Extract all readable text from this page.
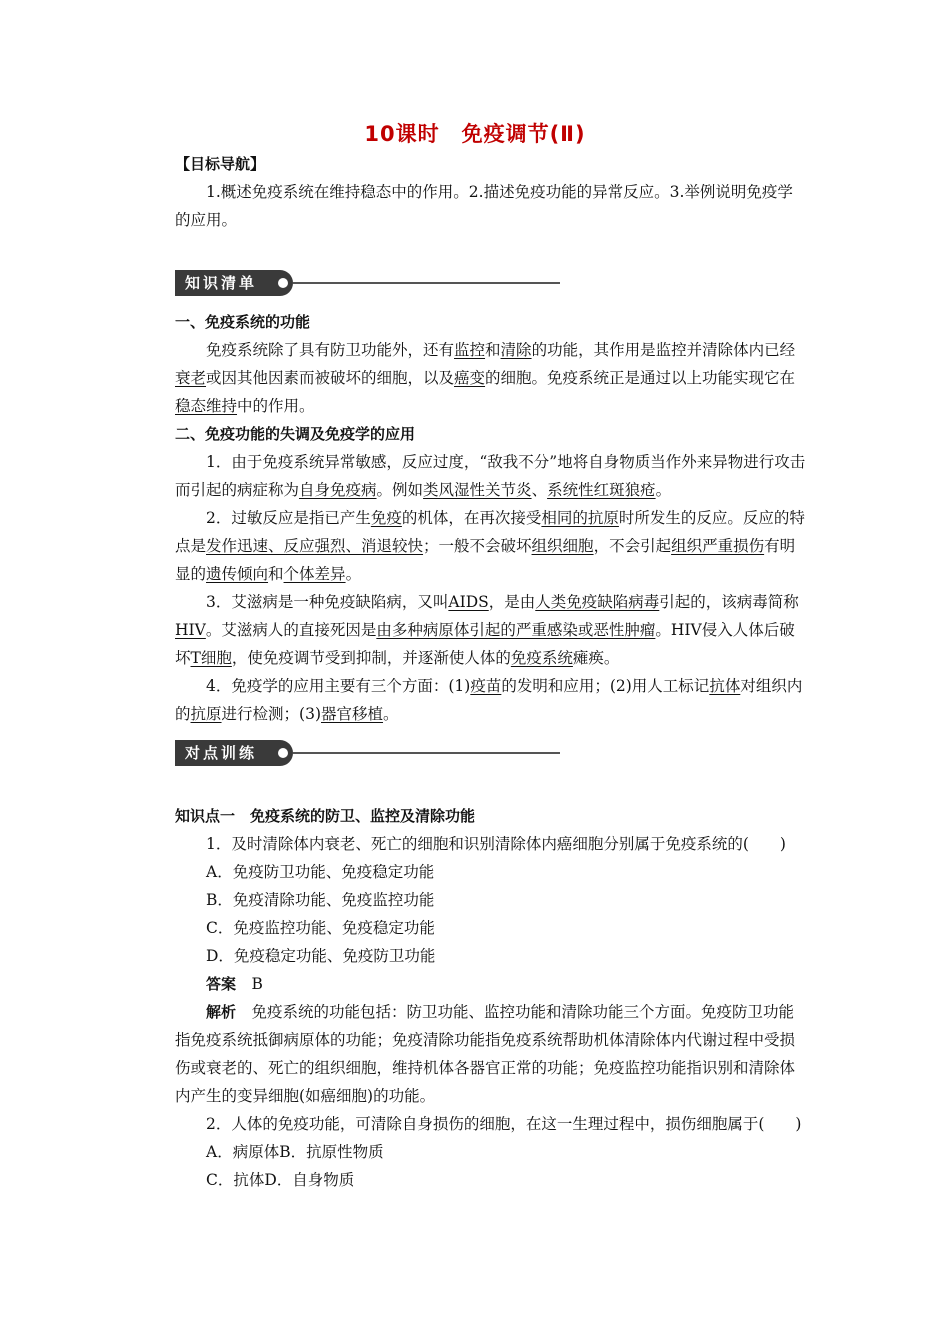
10课时　免疫调节(Ⅱ)

【目标导航】

1.概述免疫系统在维持稳态中的作用。2.描述免疫功能的异常反应。3.举例说明免疫学的应用。

知识清单

一、免疫系统的功能

免疫系统除了具有防卫功能外，还有监控和清除的功能，其作用是监控并清除体内已经衰老或因其他因素而被破坏的细胞，以及癌变的细胞。免疫系统正是通过以上功能实现它在稳态维持中的作用。

二、免疫功能的失调及免疫学的应用

1．由于免疫系统异常敏感，反应过度，“敌我不分”地将自身物质当作外来异物进行攻击而引起的病症称为自身免疫病。例如类风湿性关节炎、系统性红斑狼疮。

2．过敏反应是指已产生免疫的机体，在再次接受相同的抗原时所发生的反应。反应的特点是发作迅速、反应强烈、消退较快；一般不会破坏组织细胞，不会引起组织严重损伤有明显的遗传倾向和个体差异。

3．艾滋病是一种免疫缺陷病，又叫AIDS，是由人类免疫缺陷病毒引起的，该病毒简称HIV。艾滋病人的直接死因是由多种病原体引起的严重感染或恶性肿瘤。HIV侵入人体后破坏T细胞，使免疫调节受到抑制，并逐渐使人体的免疫系统瘫痪。

4．免疫学的应用主要有三个方面：(1)疫苗的发明和应用；(2)用人工标记抗体对组织内的抗原进行检测；(3)器官移植。

对点训练

知识点一　免疫系统的防卫、监控及清除功能

1．及时清除体内衰老、死亡的细胞和识别清除体内癌细胞分别属于免疫系统的(　　)

A．免疫防卫功能、免疫稳定功能

B．免疫清除功能、免疫监控功能

C．免疫监控功能、免疫稳定功能

D．免疫稳定功能、免疫防卫功能

答案　 B

解析　 免疫系统的功能包括：防卫功能、监控功能和清除功能三个方面。免疫防卫功能指免疫系统抵御病原体的功能；免疫清除功能指免疫系统帮助机体清除体内代谢过程中受损伤或衰老的、死亡的组织细胞，维持机体各器官正常的功能；免疫监控功能指识别和清除体内产生的变异细胞(如癌细胞)的功能。

2．人体的免疫功能，可清除自身损伤的细胞，在这一生理过程中，损伤细胞属于(　　)

A．病原体B．抗原性物质

C．抗体D．自身物质
